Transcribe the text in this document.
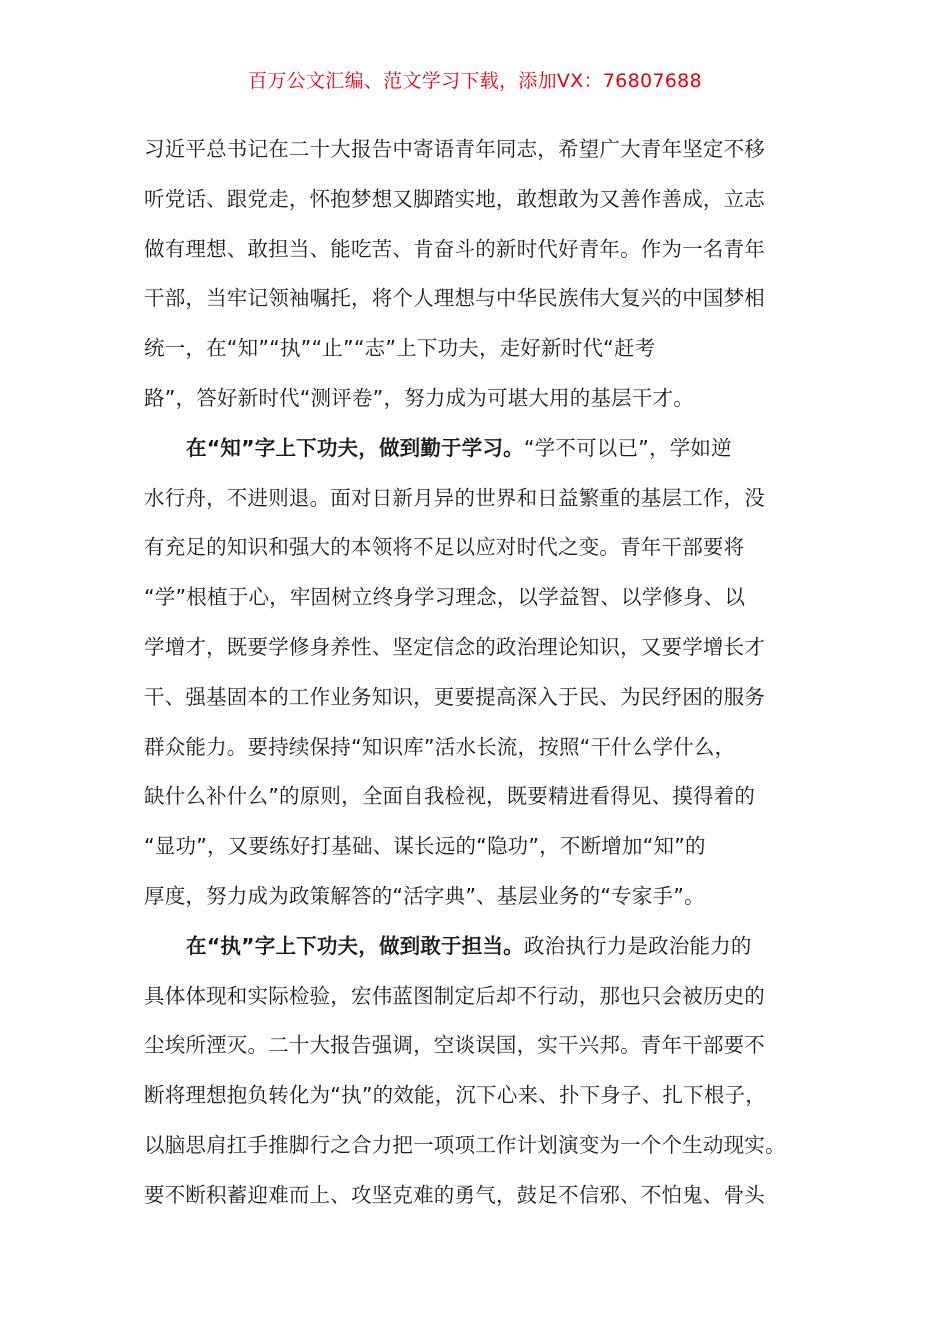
百万公文汇编、范文学习下载，添加VX：76807688
习近平总书记在二十大报告中寄语青年同志，希望广大青年坚定不移
听党话、跟党走，怀抱梦想又脚踏实地，敢想敢为又善作善成，立志
做有理想、敢担当、能吃苦、肯奋斗的新时代好青年。作为一名青年
干部，当牢记领袖嘱托，将个人理想与中华民族伟大复兴的中国梦相
统一，在“知”“执”“止”“志”上下功夫，走好新时代“赶考
路”，答好新时代“测评卷”，努力成为可堪大用的基层干才。
在“知”字上下功夫，做到勤于学习。“学不可以已”，学如逆
水行舟，不进则退。面对日新月异的世界和日益繁重的基层工作，没
有充足的知识和强大的本领将不足以应对时代之变。青年干部要将
“学”根植于心，牢固树立终身学习理念，以学益智、以学修身、以
学增才，既要学修身养性、坚定信念的政治理论知识，又要学增长才
干、强基固本的工作业务知识，更要提高深入于民、为民纾困的服务
群众能力。要持续保持“知识库”活水长流，按照“干什么学什么，
缺什么补什么”的原则，全面自我检视，既要精进看得见、摸得着的
“显功”，又要练好打基础、谋长远的“隐功”，不断增加“知”的
厚度，努力成为政策解答的“活字典”、基层业务的“专家手”。
在“执”字上下功夫，做到敢于担当。政治执行力是政治能力的
具体体现和实际检验，宏伟蓝图制定后却不行动，那也只会被历史的
尘埃所湮灭。二十大报告强调，空谈误国，实干兴邦。青年干部要不
断将理想抱负转化为“执”的效能，沉下心来、扑下身子、扎下根子，
以脑思肩扛手推脚行之合力把一项项工作计划演变为一个个生动现实。
要不断积蓄迎难而上、攻坚克难的勇气，鼓足不信邪、不怕鬼、骨头
